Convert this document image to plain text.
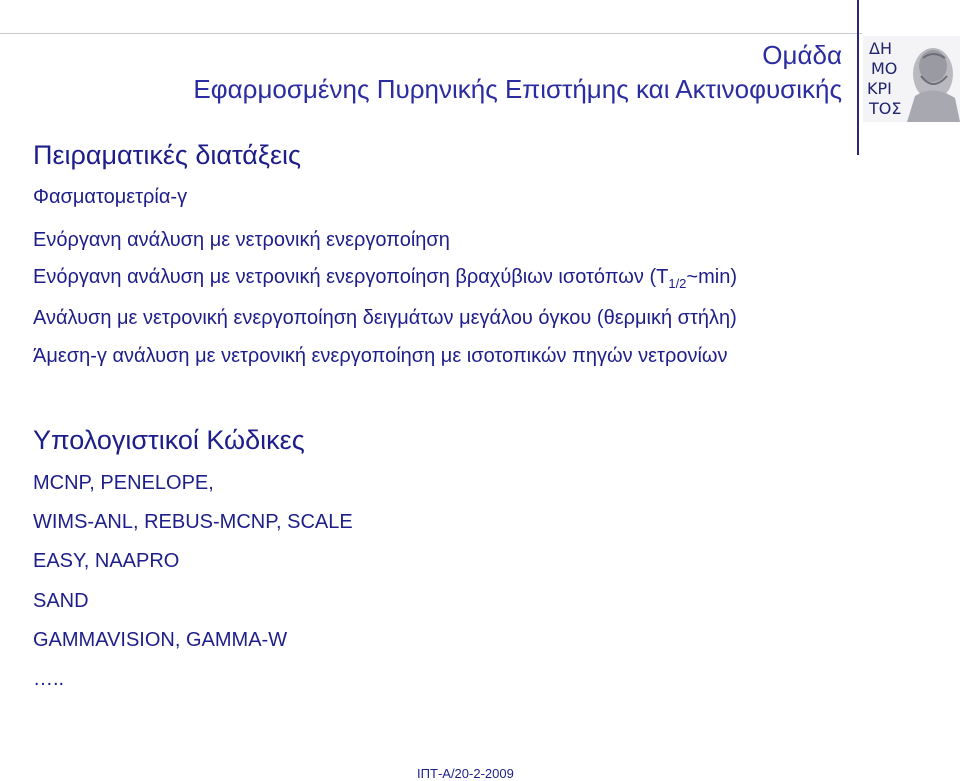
Ομάδα
Εφαρμοσμένης Πυρηνικής Επιστήμης και Ακτινοφυσικής
ΔΗ
ΜΟ
ΚΡΙ
ΤΟΣ
Πειραματικές διατάξεις
Φασματομετρία-γ
Ενόργανη ανάλυση με νετρονική ενεργοποίηση
Ενόργανη ανάλυση με νετρονική ενεργοποίηση βραχύβιων ισοτόπων $(T_{1/2}\sim\min)$
Ανάλυση με νετρονική ενεργοποίηση δειγμάτων μεγάλου όγκου (θερμική στήλη)
Άμεση-γ ανάλυση με νετρονική ενεργοποίηση με ισοτοπικών πηγών νετρονίων
Υπολογιστικοί Κώδικες
MCNP, PENELOPE,
WIMS-ANL, REBUS-MCNP, SCALE
EASY, NAAPRO
SAND
GAMMAVISION, GAMMA-W
…..
ΙΠΤ-Α/20-2-2009
